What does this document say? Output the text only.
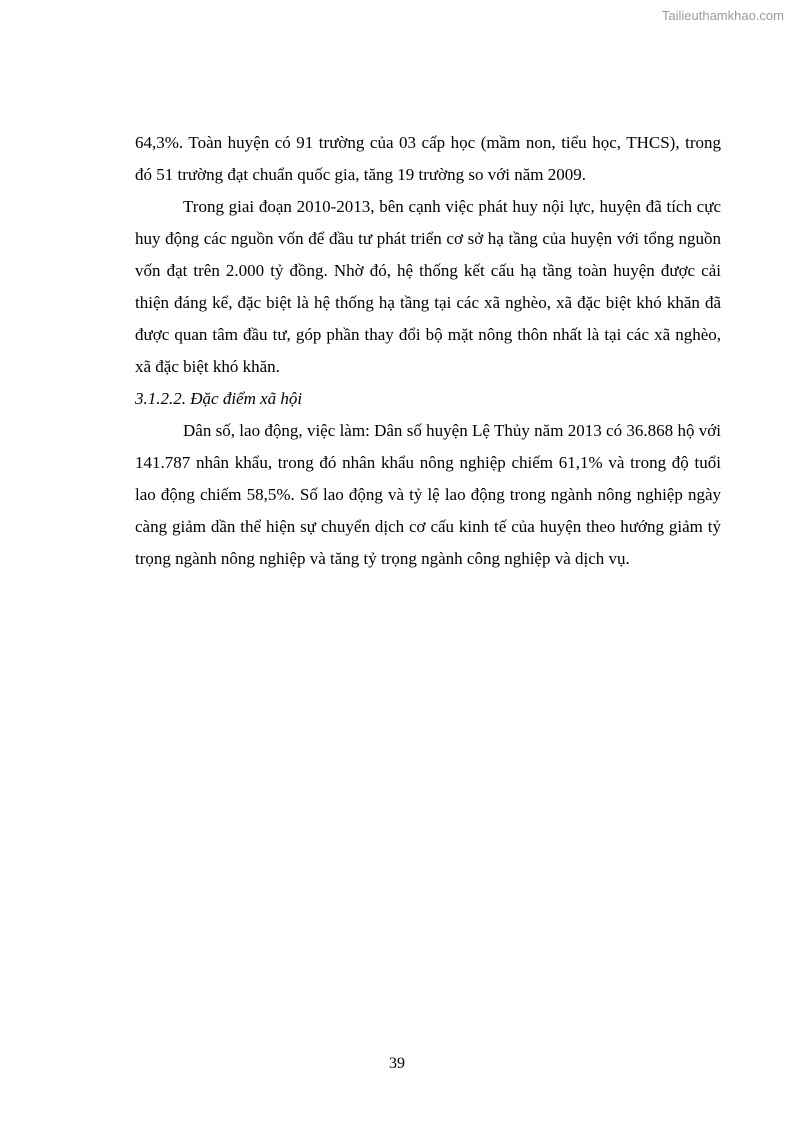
Tailieuthamkhao.com

64,3%. Toàn huyện có 91 trường của 03 cấp học (mầm non, tiểu học, THCS), trong đó 51 trường đạt chuẩn quốc gia, tăng 19 trường so với năm 2009.

Trong giai đoạn 2010-2013, bên cạnh việc phát huy nội lực, huyện đã tích cực huy động các nguồn vốn để đầu tư phát triển cơ sở hạ tầng của huyện với tổng nguồn vốn đạt trên 2.000 tỷ đồng. Nhờ đó, hệ thống kết cấu hạ tầng toàn huyện được cải thiện đáng kể, đặc biệt là hệ thống hạ tầng tại các xã nghèo, xã đặc biệt khó khăn đã được quan tâm đầu tư, góp phần thay đổi bộ mặt nông thôn nhất là tại các xã nghèo, xã đặc biệt khó khăn.

3.1.2.2. Đặc điểm xã hội

Dân số, lao động, việc làm: Dân số huyện Lệ Thủy năm 2013 có 36.868 hộ với 141.787 nhân khẩu, trong đó nhân khẩu nông nghiệp chiếm 61,1% và trong độ tuổi lao động chiếm 58,5%. Số lao động và tỷ lệ lao động trong ngành nông nghiệp ngày càng giảm dần thể hiện sự chuyển dịch cơ cấu kinh tế của huyện theo hướng giảm tỷ trọng ngành nông nghiệp và tăng tỷ trọng ngành công nghiệp và dịch vụ.

39
